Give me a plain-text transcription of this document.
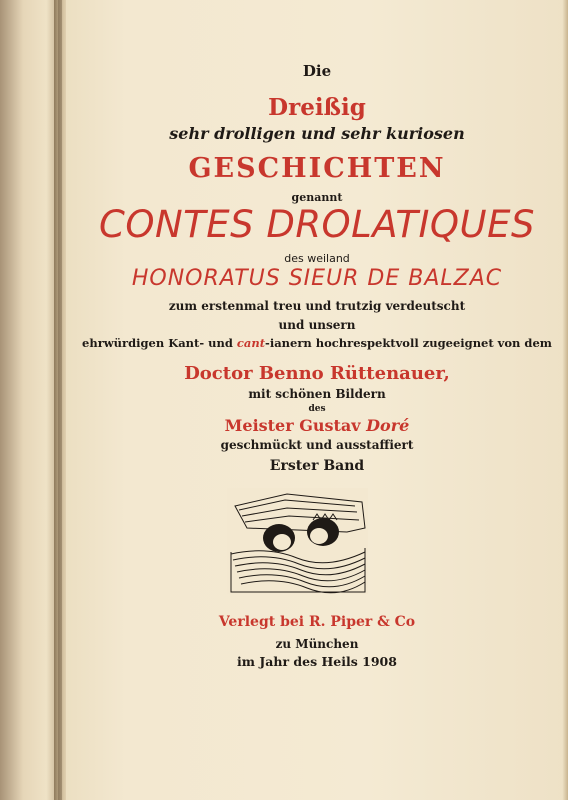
Die
Dreißig
sehr drolligen und sehr kuriosen
GESCHICHTEN
genannt
CONTES DROLATIQUES
des weiland
HONORATUS SIEUR DE BALZAC
zum erstenmal treu und trutzig verdeutscht
und unsern
ehrwürdigen Kant- und cant-ianern hochrespektvoll zugeeignet von dem
Doctor Benno Rüttenauer,
mit schönen Bildern
des
Meister Gustav Doré
geschmückt und ausstaffiert
Erster Band
Verlegt bei R. Piper & Co
zu München
im Jahr des Heils 1908
